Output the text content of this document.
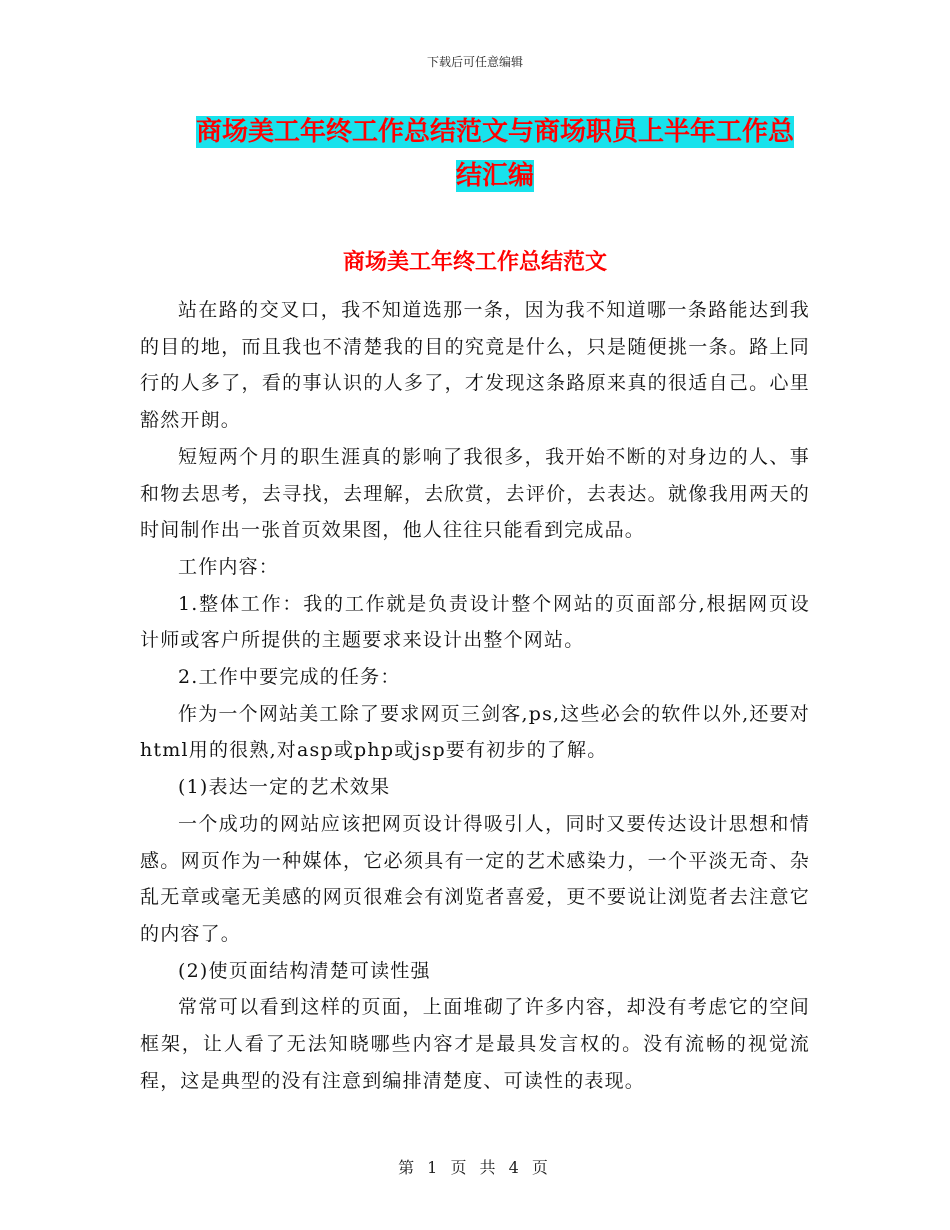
下载后可任意编辑
商场美工年终工作总结范文与商场职员上半年工作总
结汇编
商场美工年终工作总结范文

站在路的交叉口，我不知道选那一条，因为我不知道哪一条路能达到我的目的地，而且我也不清楚我的目的究竟是什么，只是随便挑一条。路上同行的人多了，看的事认识的人多了，才发现这条路原来真的很适自己。心里豁然开朗。

短短两个月的职生涯真的影响了我很多，我开始不断的对身边的人、事和物去思考，去寻找，去理解，去欣赏，去评价，去表达。就像我用两天的时间制作出一张首页效果图，他人往往只能看到完成品。

工作内容：

1.整体工作：我的工作就是负责设计整个网站的页面部分,根据网页设计师或客户所提供的主题要求来设计出整个网站。

2.工作中要完成的任务：

作为一个网站美工除了要求网页三剑客,ps,这些必会的软件以外,还要对html用的很熟,对asp或php或jsp要有初步的了解。

(1)表达一定的艺术效果

一个成功的网站应该把网页设计得吸引人，同时又要传达设计思想和情感。网页作为一种媒体，它必须具有一定的艺术感染力，一个平淡无奇、杂乱无章或毫无美感的网页很难会有浏览者喜爱，更不要说让浏览者去注意它的内容了。

(2)使页面结构清楚可读性强

常常可以看到这样的页面，上面堆砌了许多内容，却没有考虑它的空间框架，让人看了无法知晓哪些内容才是最具发言权的。没有流畅的视觉流程，这是典型的没有注意到编排清楚度、可读性的表现。

第 1 页 共 4 页
